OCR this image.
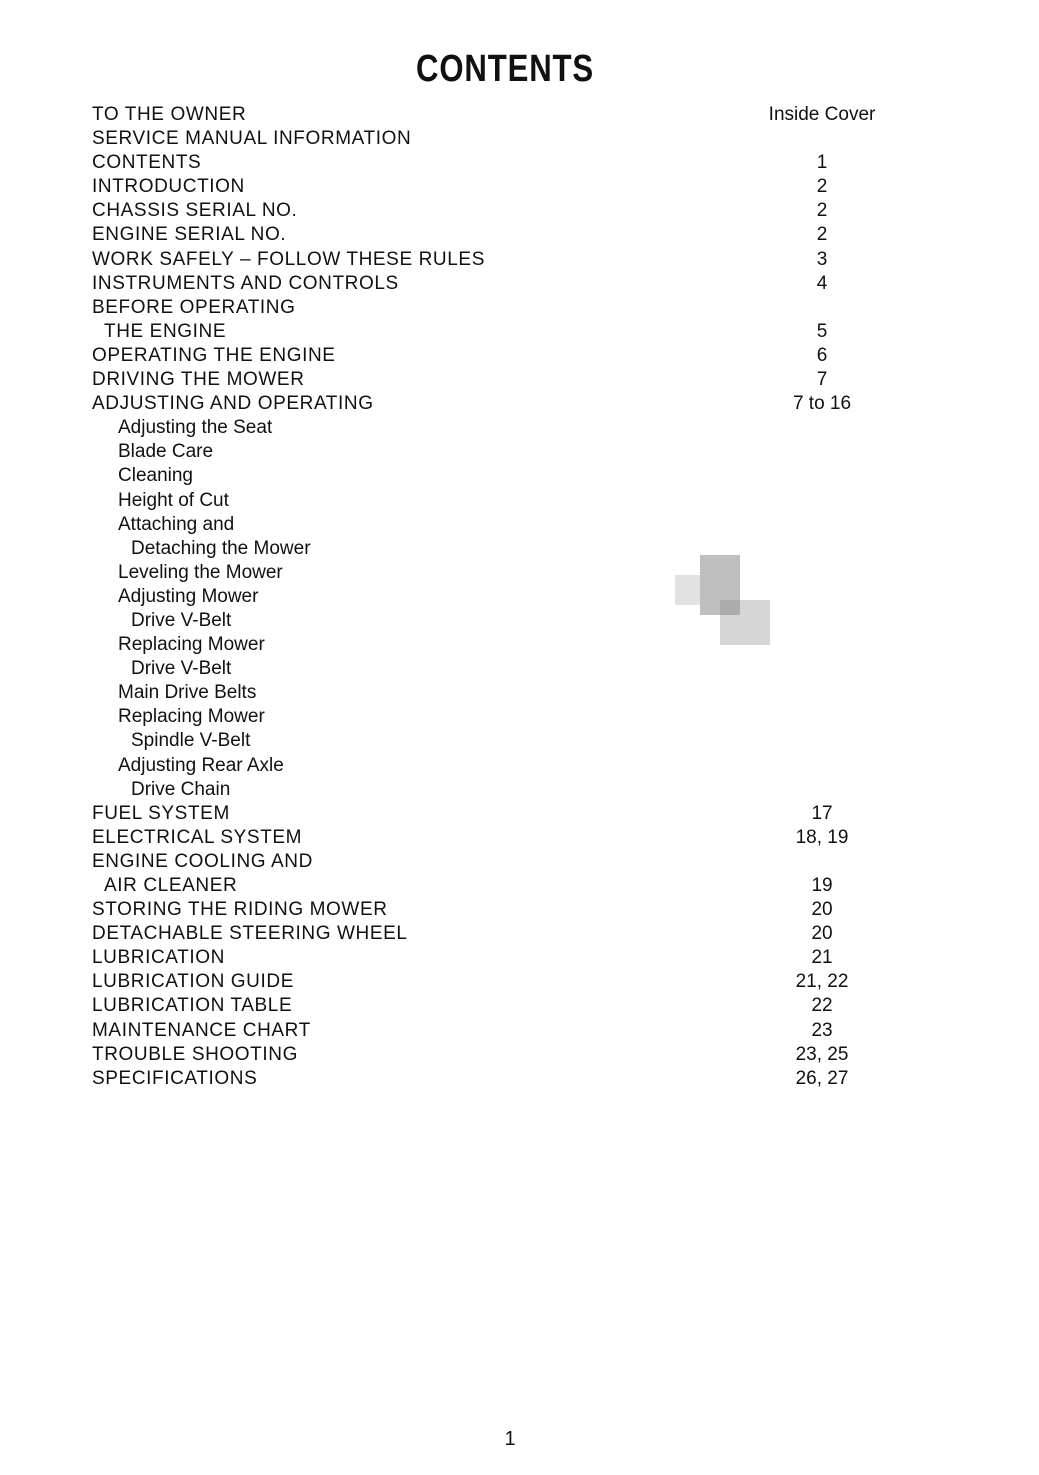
CONTENTS
TO THE OWNER	Inside Cover
SERVICE MANUAL INFORMATION
CONTENTS	1
INTRODUCTION	2
CHASSIS SERIAL NO.	2
ENGINE SERIAL NO.	2
WORK SAFELY – FOLLOW THESE RULES	3
INSTRUMENTS AND CONTROLS	4
BEFORE OPERATING
THE ENGINE	5
OPERATING THE ENGINE	6
DRIVING THE MOWER	7
ADJUSTING AND OPERATING	7 to 16
Adjusting the Seat
Blade Care
Cleaning
Height of Cut
Attaching and
Detaching the Mower
Leveling the Mower
Adjusting Mower
Drive V-Belt
Replacing Mower
Drive V-Belt
Main Drive Belts
Replacing Mower
Spindle V-Belt
Adjusting Rear Axle
Drive Chain
FUEL SYSTEM	17
ELECTRICAL SYSTEM	18, 19
ENGINE COOLING AND
AIR CLEANER	19
STORING THE RIDING MOWER	20
DETACHABLE STEERING WHEEL	20
LUBRICATION	21
LUBRICATION GUIDE	21, 22
LUBRICATION TABLE	22
MAINTENANCE CHART	23
TROUBLE SHOOTING	23, 25
SPECIFICATIONS	26, 27
1
